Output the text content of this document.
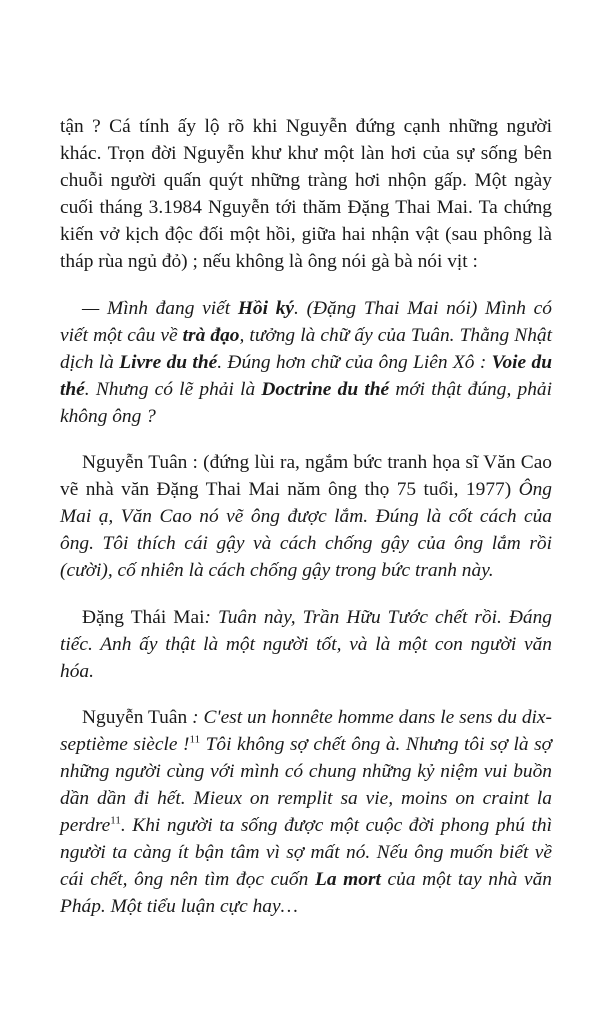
tận ? Cá tính ấy lộ rõ khi Nguyễn đứng cạnh những người khác. Trọn đời Nguyễn khư khư một làn hơi của sự sống bên chuỗi người quấn quýt những tràng hơi nhộn gấp. Một ngày cuối tháng 3.1984 Nguyễn tới thăm Đặng Thai Mai. Ta chứng kiến vở kịch độc đối một hồi, giữa hai nhận vật (sau phông là tháp rùa ngủ đỏ) ; nếu không là ông nói gà bà nói vịt :

— Mình đang viết Hồi ký. (Đặng Thai Mai nói) Mình có viết một câu về trà đạo, tưởng là chữ ấy của Tuân. Thằng Nhật dịch là Livre du thé. Đúng hơn chữ của ông Liên Xô : Voie du thé. Nhưng có lẽ phải là Doctrine du thé mới thật đúng, phải không ông ?

Nguyễn Tuân : (đứng lùi ra, ngắm bức tranh họa sĩ Văn Cao vẽ nhà văn Đặng Thai Mai năm ông thọ 75 tuổi, 1977) Ông Mai ạ, Văn Cao nó vẽ ông được lắm. Đúng là cốt cách của ông. Tôi thích cái gậy và cách chống gậy của ông lắm rồi (cười), cố nhiên là cách chống gậy trong bức tranh này.

Đặng Thái Mai: Tuân này, Trần Hữu Tước chết rồi. Đáng tiếc. Anh ấy thật là một người tốt, và là một con người văn hóa.

Nguyễn Tuân : C'est un honnête homme dans le sens du dix-septième siècle !$^{11}$ Tôi không sợ chết ông à. Nhưng tôi sợ là sợ những người cùng với mình có chung những kỷ niệm vui buồn dần dần đi hết. Mieux on remplit sa vie, moins on craint la perdre$^{11}$. Khi người ta sống được một cuộc đời phong phú thì người ta càng ít bận tâm vì sợ mất nó. Nếu ông muốn biết về cái chết, ông nên tìm đọc cuốn La mort của một tay nhà văn Pháp. Một tiểu luận cực hay…
